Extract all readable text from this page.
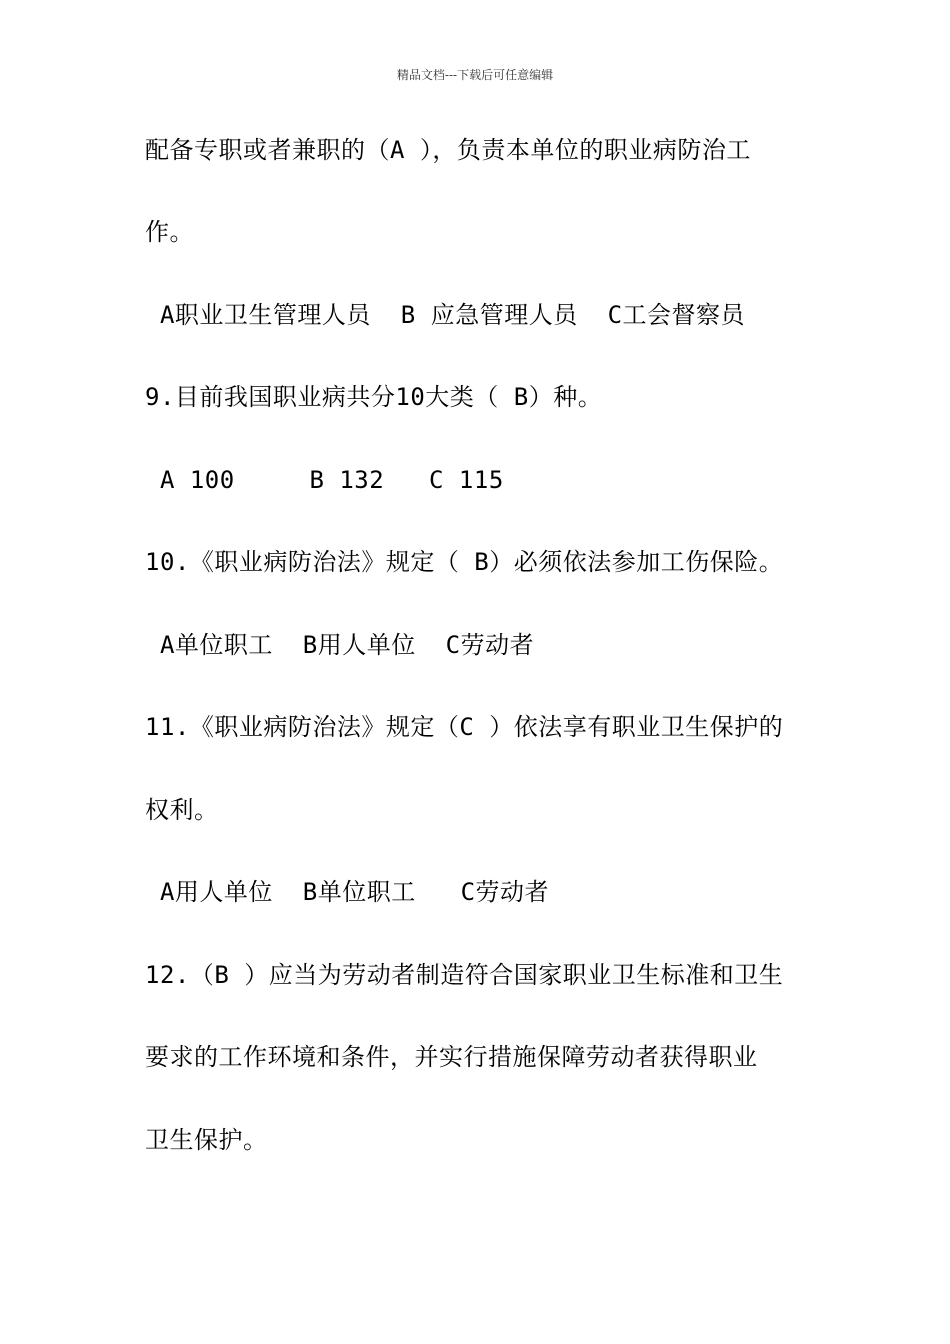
精品文档---下载后可任意编辑
配备专职或者兼职的（A ），负责本单位的职业病防治工
作。
A职业卫生管理人员  B 应急管理人员  C工会督察员
9.目前我国职业病共分10大类（ B）种。
A 100     B 132   C 115
10.《职业病防治法》规定（ B）必须依法参加工伤保险。
A单位职工  B用人单位  C劳动者
11.《职业病防治法》规定（C ）依法享有职业卫生保护的
权利。
A用人单位  B单位职工   C劳动者
12.（B ）应当为劳动者制造符合国家职业卫生标准和卫生
要求的工作环境和条件，并实行措施保障劳动者获得职业
卫生保护。
